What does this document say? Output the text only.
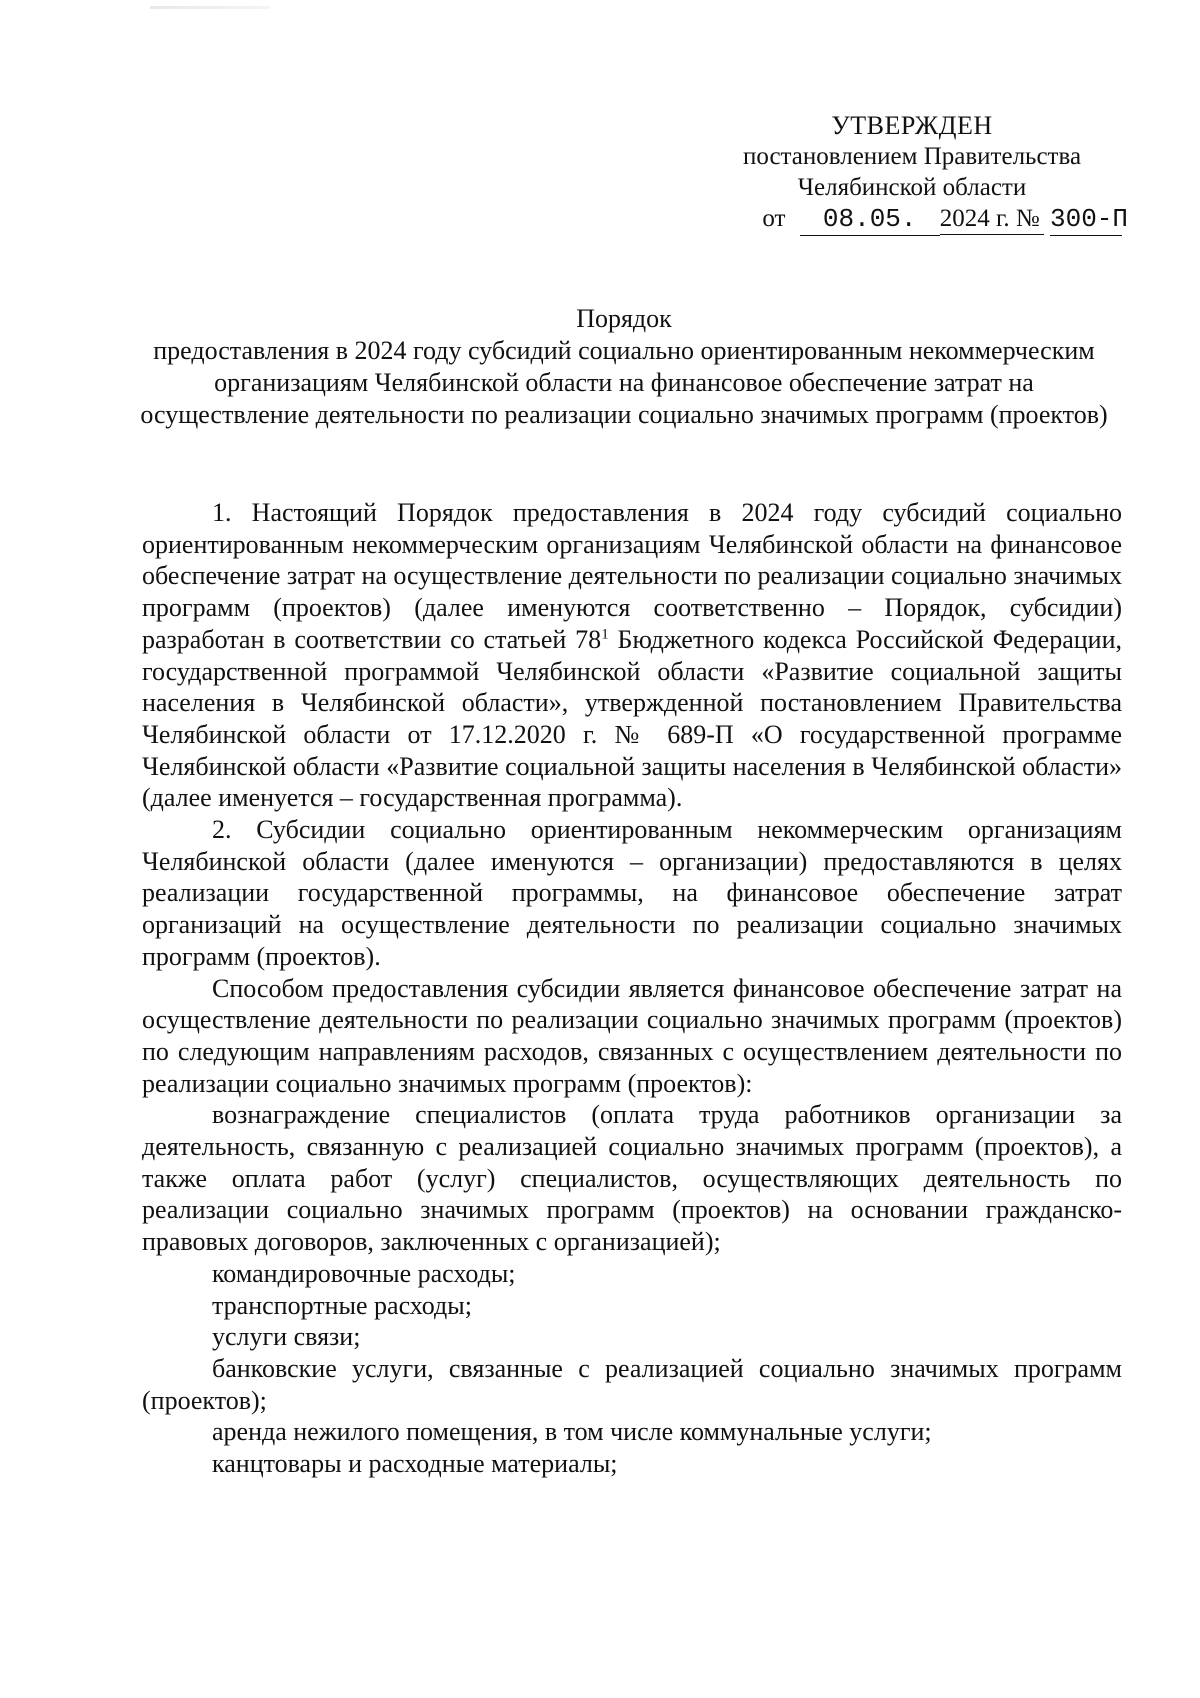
УТВЕРЖДЕН
постановлением Правительства
Челябинской области
от 08.05. 2024 г. № 300-П
Порядок
предоставления в 2024 году субсидий социально ориентированным некоммерческим организациям Челябинской области на финансовое обеспечение затрат на осуществление деятельности по реализации социально значимых программ (проектов)

1. Настоящий Порядок предоставления в 2024 году субсидий социально ориентированным некоммерческим организациям Челябинской области на финансовое обеспечение затрат на осуществление деятельности по реализации социально значимых программ (проектов) (далее именуются соответственно – Порядок, субсидии) разработан в соответствии со статьей $78^1$ Бюджетного кодекса Российской Федерации, государственной программой Челябинской области «Развитие социальной защиты населения в Челябинской области», утвержденной постановлением Правительства Челябинской области от 17.12.2020 г. № 689-П «О государственной программе Челябинской области «Развитие социальной защиты населения в Челябинской области» (далее именуется – государственная программа).

2. Субсидии социально ориентированным некоммерческим организациям Челябинской области (далее именуются – организации) предоставляются в целях реализации государственной программы, на финансовое обеспечение затрат организаций на осуществление деятельности по реализации социально значимых программ (проектов).

Способом предоставления субсидии является финансовое обеспечение затрат на осуществление деятельности по реализации социально значимых программ (проектов) по следующим направлениям расходов, связанных с осуществлением деятельности по реализации социально значимых программ (проектов):

вознаграждение специалистов (оплата труда работников организации за деятельность, связанную с реализацией социально значимых программ (проектов), а также оплата работ (услуг) специалистов, осуществляющих деятельность по реализации социально значимых программ (проектов) на основании гражданско-правовых договоров, заключенных с организацией);

командировочные расходы;

транспортные расходы;

услуги связи;

банковские услуги, связанные с реализацией социально значимых программ (проектов);

аренда нежилого помещения, в том числе коммунальные услуги;

канцтовары и расходные материалы;
